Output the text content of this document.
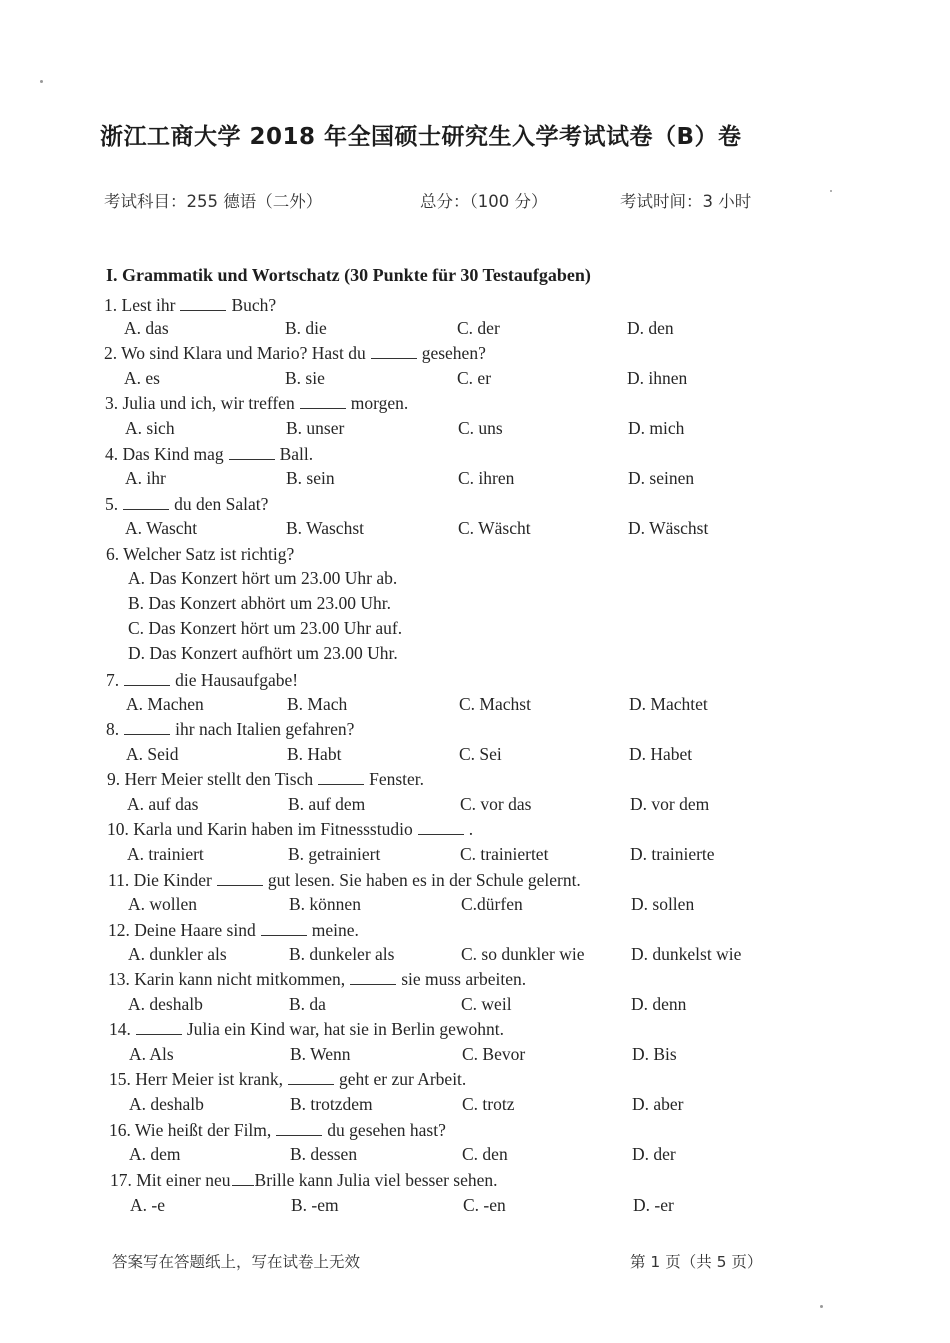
浙江工商大学 2018 年全国硕士研究生入学考试试卷（B）卷
考试科目：255 德语（二外）	总分：（100 分）	考试时间：3 小时
I. Grammatik und Wortschatz (30 Punkte für 30 Testaufgaben)
1. Lest ihr	Buch?
A. das	B. die	C. der	D. den
2. Wo sind Klara und Mario? Hast du	gesehen?
A. es	B. sie	C. er	D. ihnen
3. Julia und ich, wir treffen	morgen.
A. sich	B. unser	C. uns	D. mich
4. Das Kind mag	Ball.
A. ihr	B. sein	C. ihren	D. seinen
5.	du den Salat?
A. Wascht	B. Waschst	C. Wäscht	D. Wäschst
6. Welcher Satz ist richtig?
A. Das Konzert hört um 23.00 Uhr ab.
B. Das Konzert abhört um 23.00 Uhr.
C. Das Konzert hört um 23.00 Uhr auf.
D. Das Konzert aufhört um 23.00 Uhr.
7.	die Hausaufgabe!
A. Machen	B. Mach	C. Machst	D. Machtet
8.	ihr nach Italien gefahren?
A. Seid	B. Habt	C. Sei	D. Habet
9. Herr Meier stellt den Tisch	Fenster.
A. auf das	B. auf dem	C. vor das	D. vor dem
10. Karla und Karin haben im Fitnessstudio	.
A. trainiert	B. getrainiert	C. trainiertet	D. trainierte
11. Die Kinder	gut lesen. Sie haben es in der Schule gelernt.
A. wollen	B. können	C.dürfen	D. sollen
12. Deine Haare sind	meine.
A. dunkler als	B. dunkeler als	C. so dunkler wie	D. dunkelst wie
13. Karin kann nicht mitkommen,	sie muss arbeiten.
A. deshalb	B. da	C. weil	D. denn
14.	Julia ein Kind war, hat sie in Berlin gewohnt.
A. Als	B. Wenn	C. Bevor	D. Bis
15. Herr Meier ist krank,	geht er zur Arbeit.
A. deshalb	B. trotzdem	C. trotz	D. aber
16. Wie heißt der Film,	du gesehen hast?
A. dem	B. dessen	C. den	D. der
17. Mit einer neu Brille kann Julia viel besser sehen.
A. -e	B. -em	C. -en	D. -er
答案写在答题纸上，写在试卷上无效	第 1 页（共 5 页）
